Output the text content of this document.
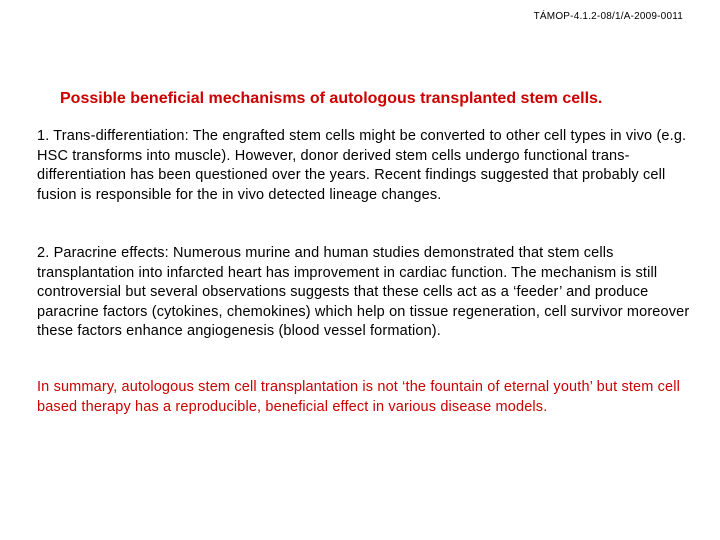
TÁMOP-4.1.2-08/1/A-2009-0011
Possible beneficial mechanisms of autologous transplanted stem cells.
1. Trans-differentiation: The engrafted stem cells might be converted to other cell types in vivo (e.g. HSC transforms into muscle). However, donor derived stem cells undergo functional trans-differentiation has been questioned over the years. Recent findings suggested that probably cell fusion is responsible for the in vivo detected lineage changes.
2. Paracrine effects: Numerous murine and human studies demonstrated that stem cells transplantation into infarcted heart has improvement in cardiac function. The mechanism is still controversial but several observations suggests that these cells act as a ‘feeder’ and produce paracrine factors (cytokines, chemokines) which help on tissue regeneration, cell survivor moreover these factors enhance angiogenesis (blood vessel formation).
In summary, autologous stem cell transplantation is not ‘the fountain of eternal youth’ but stem cell based therapy has a reproducible, beneficial effect in various disease models.
